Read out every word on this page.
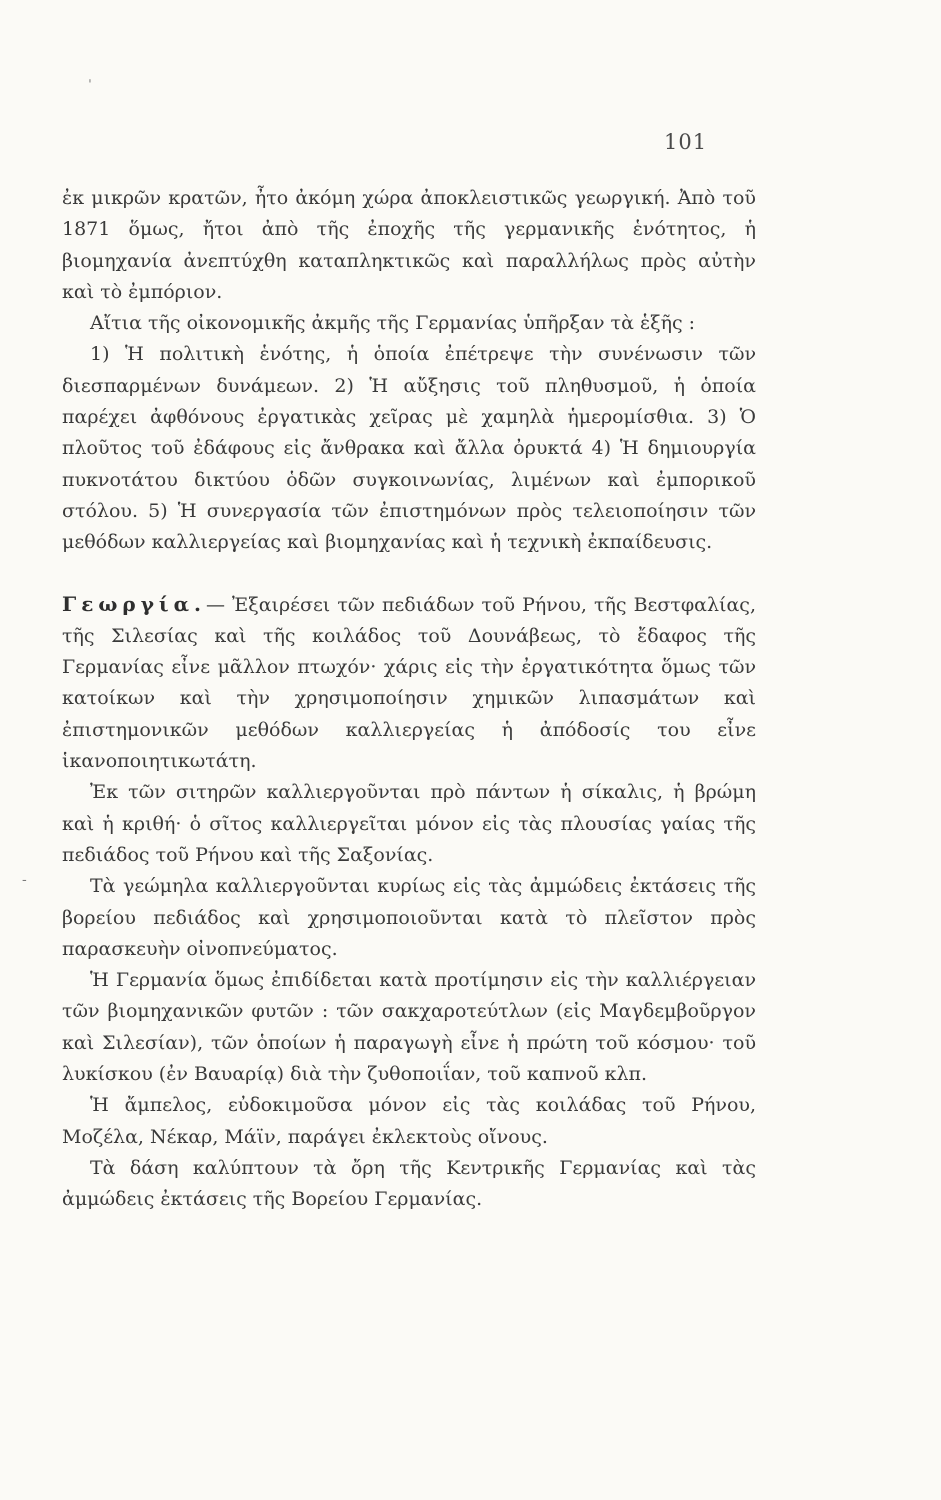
ˈ
-
101

ἐκ μικρῶν κρατῶν, ἦτο ἀκόμη χώρα ἀποκλειστικῶς γεωργική. Ἀπὸ τοῦ 1871 ὅμως, ἤτοι ἀπὸ τῆς ἐποχῆς τῆς γερμανικῆς ἑνότητος, ἡ βιομηχανία ἀνεπτύχθη καταπληκτικῶς καὶ παραλλήλως πρὸς αὐτὴν καὶ τὸ ἐμπόριον.

Αἴτια τῆς οἰκονομικῆς ἀκμῆς τῆς Γερμανίας ὑπῆρξαν τὰ ἑξῆς :

1) Ἡ πολιτικὴ ἑνότης, ἡ ὁποία ἐπέτρεψε τὴν συνένωσιν τῶν διεσπαρμένων δυνάμεων. 2) Ἡ αὔξησις τοῦ πληθυσμοῦ, ἡ ὁποία παρέχει ἀφθόνους ἐργατικὰς χεῖρας μὲ χαμηλὰ ἡμερομίσθια. 3) Ὁ πλοῦτος τοῦ ἐδάφους εἰς ἄνθρακα καὶ ἄλλα ὀρυκτά 4) Ἡ δημιουργία πυκνοτάτου δικτύου ὁδῶν συγκοινωνίας, λιμένων καὶ ἐμπορικοῦ στόλου. 5) Ἡ συνεργασία τῶν ἐπιστημόνων πρὸς τελειοποίησιν τῶν μεθόδων καλλιεργείας καὶ βιομηχανίας καὶ ἡ τεχνικὴ ἐκπαίδευσις.

Γεωργία.— Ἐξαιρέσει τῶν πεδιάδων τοῦ Ρήνου, τῆς Βεστφαλίας, τῆς Σιλεσίας καὶ τῆς κοιλάδος τοῦ Δουνάβεως, τὸ ἔδαφος τῆς Γερμανίας εἶνε μᾶλλον πτωχόν· χάρις εἰς τὴν ἐργατικότητα ὅμως τῶν κατοίκων καὶ τὴν χρησιμοποίησιν χημικῶν λιπασμάτων καὶ ἐπιστημονικῶν μεθόδων καλλιεργείας ἡ ἀπόδοσίς του εἶνε ἱκανοποιητικωτάτη.

Ἐκ τῶν σιτηρῶν καλλιεργοῦνται πρὸ πάντων ἡ σίκαλις, ἡ βρώμη καὶ ἡ κριθή· ὁ σῖτος καλλιεργεῖται μόνον εἰς τὰς πλουσίας γαίας τῆς πεδιάδος τοῦ Ρήνου καὶ τῆς Σαξονίας.

Τὰ γεώμηλα καλλιεργοῦνται κυρίως εἰς τὰς ἀμμώδεις ἐκτάσεις τῆς βορείου πεδιάδος καὶ χρησιμοποιοῦνται κατὰ τὸ πλεῖστον πρὸς παρασκευὴν οἰνοπνεύματος.

Ἡ Γερμανία ὅμως ἐπιδίδεται κατὰ προτίμησιν εἰς τὴν καλλιέργειαν τῶν βιομηχανικῶν φυτῶν : τῶν σακχαροτεύτλων (εἰς Μαγδεμβοῦργον καὶ Σιλεσίαν), τῶν ὁποίων ἡ παραγωγὴ εἶνε ἡ πρώτη τοῦ κόσμου· τοῦ λυκίσκου (ἐν Βαυαρίᾳ) διὰ τὴν ζυθοποιΐαν, τοῦ καπνοῦ κλπ.

Ἡ ἄμπελος, εὐδοκιμοῦσα μόνον εἰς τὰς κοιλάδας τοῦ Ρήνου, Μοζέλα, Νέκαρ, Μάϊν, παράγει ἐκλεκτοὺς οἴνους.

Τὰ δάση καλύπτουν τὰ ὄρη τῆς Κεντρικῆς Γερμανίας καὶ τὰς ἀμμώδεις ἐκτάσεις τῆς Βορείου Γερμανίας.
